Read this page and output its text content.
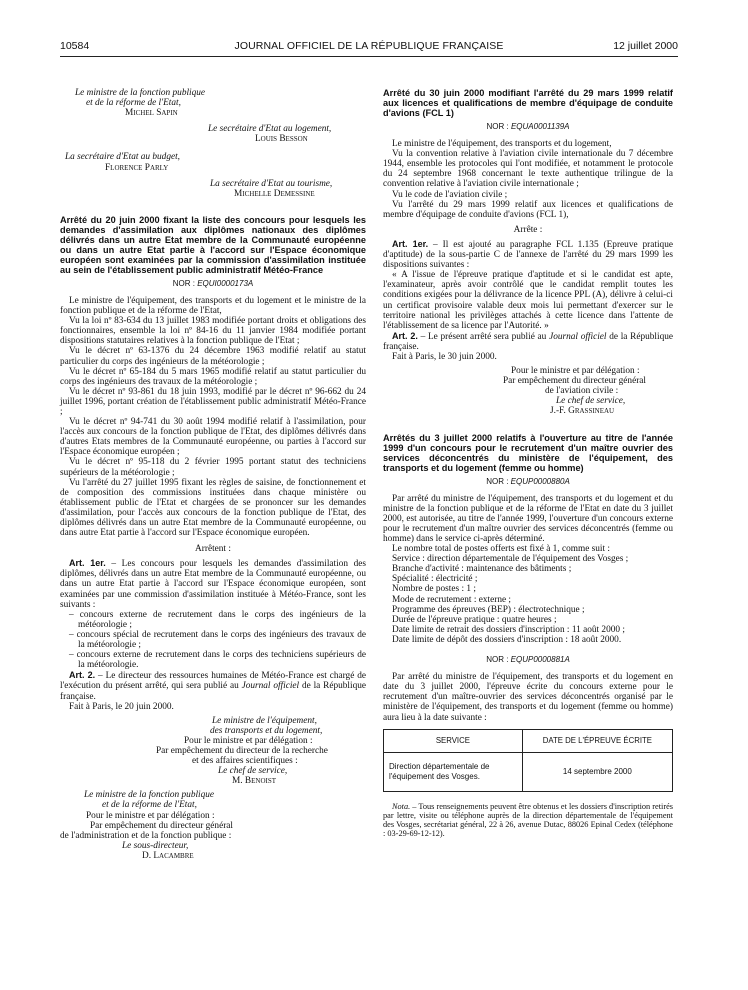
10584	JOURNAL OFFICIEL DE LA RÉPUBLIQUE FRANÇAISE	12 juillet 2000

Le ministre de la fonction publique

et de la réforme de l'Etat,

Michel Sapin

Le secrétaire d'Etat au logement,

Louis Besson

La secrétaire d'Etat au budget,

Florence Parly

La secrétaire d'Etat au tourisme,

Michelle Demessine

Arrêté du 20 juin 2000 fixant la liste des concours pour lesquels les demandes d'assimilation aux diplômes nationaux des diplômes délivrés dans un autre Etat membre de la Communauté européenne ou dans un autre Etat partie à l'accord sur l'Espace économique européen sont examinées par la commission d'assimilation instituée au sein de l'établissement public administratif Météo-France

NOR : EQUI0000173A

Le ministre de l'équipement, des transports et du logement et le ministre de la fonction publique et de la réforme de l'Etat,

Vu la loi nº 83-634 du 13 juillet 1983 modifiée portant droits et obligations des fonctionnaires, ensemble la loi nº 84-16 du 11 janvier 1984 modifiée portant dispositions statutaires relatives à la fonction publique de l'Etat ;

Vu le décret nº 63-1376 du 24 décembre 1963 modifié relatif au statut particulier du corps des ingénieurs de la météorologie ;

Vu le décret nº 65-184 du 5 mars 1965 modifié relatif au statut particulier du corps des ingénieurs des travaux de la météorologie ;

Vu le décret nº 93-861 du 18 juin 1993, modifié par le décret nº 96-662 du 24 juillet 1996, portant création de l'établissement public administratif Météo-France ;

Vu le décret nº 94-741 du 30 août 1994 modifié relatif à l'assimilation, pour l'accès aux concours de la fonction publique de l'Etat, des diplômes délivrés dans d'autres Etats membres de la Communauté européenne, ou parties à l'accord sur l'Espace économique européen ;

Vu le décret nº 95-118 du 2 février 1995 portant statut des techniciens supérieurs de la météorologie ;

Vu l'arrêté du 27 juillet 1995 fixant les règles de saisine, de fonctionnement et de composition des commissions instituées dans chaque ministère ou établissement public de l'Etat et chargées de se prononcer sur les demandes d'assimilation, pour l'accès aux concours de la fonction publique de l'Etat, des diplômes délivrés dans un autre Etat membre de la Communauté européenne, ou dans autre Etat partie à l'accord sur l'Espace économique européen.

Arrêtent :

Art. 1er. – Les concours pour lesquels les demandes d'assimilation des diplômes, délivrés dans un autre Etat membre de la Communauté européenne, ou dans un autre Etat partie à l'accord sur l'Espace économique européen, sont examinées par une commission d'assimilation instituée à Météo-France, sont les suivants :

– concours externe de recrutement dans le corps des ingénieurs de la météorologie ;

– concours spécial de recrutement dans le corps des ingénieurs des travaux de la météorologie ;

– concours externe de recrutement dans le corps des techniciens supérieurs de la météorologie.

Art. 2. – Le directeur des ressources humaines de Météo-France est chargé de l'exécution du présent arrêté, qui sera publié au Journal officiel de la République française.

Fait à Paris, le 20 juin 2000.

Le ministre de l'équipement,

des transports et du logement,

Pour le ministre et par délégation :

Par empêchement du directeur de la recherche

et des affaires scientifiques :

Le chef de service,

M. Benoist

Le ministre de la fonction publique

et de la réforme de l'Etat,

Pour le ministre et par délégation :

Par empêchement du directeur général

de l'administration et de la fonction publique :

Le sous-directeur,

D. Lacambre

Arrêté du 30 juin 2000 modifiant l'arrêté du 29 mars 1999 relatif aux licences et qualifications de membre d'équipage de conduite d'avions (FCL 1)

NOR : EQUA0001139A

Le ministre de l'équipement, des transports et du logement,

Vu la convention relative à l'aviation civile internationale du 7 décembre 1944, ensemble les protocoles qui l'ont modifiée, et notamment le protocole du 24 septembre 1968 concernant le texte authentique trilingue de la convention relative à l'aviation civile internationale ;

Vu le code de l'aviation civile ;

Vu l'arrêté du 29 mars 1999 relatif aux licences et qualifications de membre d'équipage de conduite d'avions (FCL 1),

Arrête :

Art. 1er. – Il est ajouté au paragraphe FCL 1.135 (Epreuve pratique d'aptitude) de la sous-partie C de l'annexe de l'arrêté du 29 mars 1999 les dispositions suivantes :

« A l'issue de l'épreuve pratique d'aptitude et si le candidat est apte, l'examinateur, après avoir contrôlé que le candidat remplit toutes les conditions exigées pour la délivrance de la licence PPL (A), délivre à celui-ci un certificat provisoire valable deux mois lui permettant d'exercer sur le territoire national les privilèges attachés à cette licence dans l'attente de l'établissement de sa licence par l'Autorité. »

Art. 2. – Le présent arrêté sera publié au Journal officiel de la République française.

Fait à Paris, le 30 juin 2000.

Pour le ministre et par délégation :

Par empêchement du directeur général

de l'aviation civile :

Le chef de service,

J.-F. Grassineau

Arrêtés du 3 juillet 2000 relatifs à l'ouverture au titre de l'année 1999 d'un concours pour le recrutement d'un maître ouvrier des services déconcentrés du ministère de l'équipement, des transports et du logement (femme ou homme)

NOR : EQUP0000880A

Par arrêté du ministre de l'équipement, des transports et du logement et du ministre de la fonction publique et de la réforme de l'Etat en date du 3 juillet 2000, est autorisée, au titre de l'année 1999, l'ouverture d'un concours externe pour le recrutement d'un maître ouvrier des services déconcentrés (femme ou homme) dans le service ci-après déterminé.

Le nombre total de postes offerts est fixé à 1, comme suit :

Service : direction départementale de l'équipement des Vosges ;

Branche d'activité : maintenance des bâtiments ;

Spécialité : électricité ;

Nombre de postes : 1 ;

Mode de recrutement : externe ;

Programme des épreuves (BEP) : électrotechnique ;

Durée de l'épreuve pratique : quatre heures ;

Date limite de retrait des dossiers d'inscription : 11 août 2000 ;

Date limite de dépôt des dossiers d'inscription : 18 août 2000.

NOR : EQUP0000881A

Par arrêté du ministre de l'équipement, des transports et du logement en date du 3 juillet 2000, l'épreuve écrite du concours externe pour le recrutement d'un maître-ouvrier des services déconcentrés organisé par le ministère de l'équipement, des transports et du logement (femme ou homme) aura lieu à la date suivante :

SERVICE	DATE DE L'ÉPREUVE ÉCRITE
Direction départementale de l'équipement des Vosges.	14 septembre 2000

Nota. – Tous renseignements peuvent être obtenus et les dossiers d'inscription retirés par lettre, visite ou téléphone auprès de la direction départementale de l'équipement des Vosges, secrétariat général, 22 à 26, avenue Dutac, 88026 Epinal Cedex (téléphone : 03-29-69-12-12).
